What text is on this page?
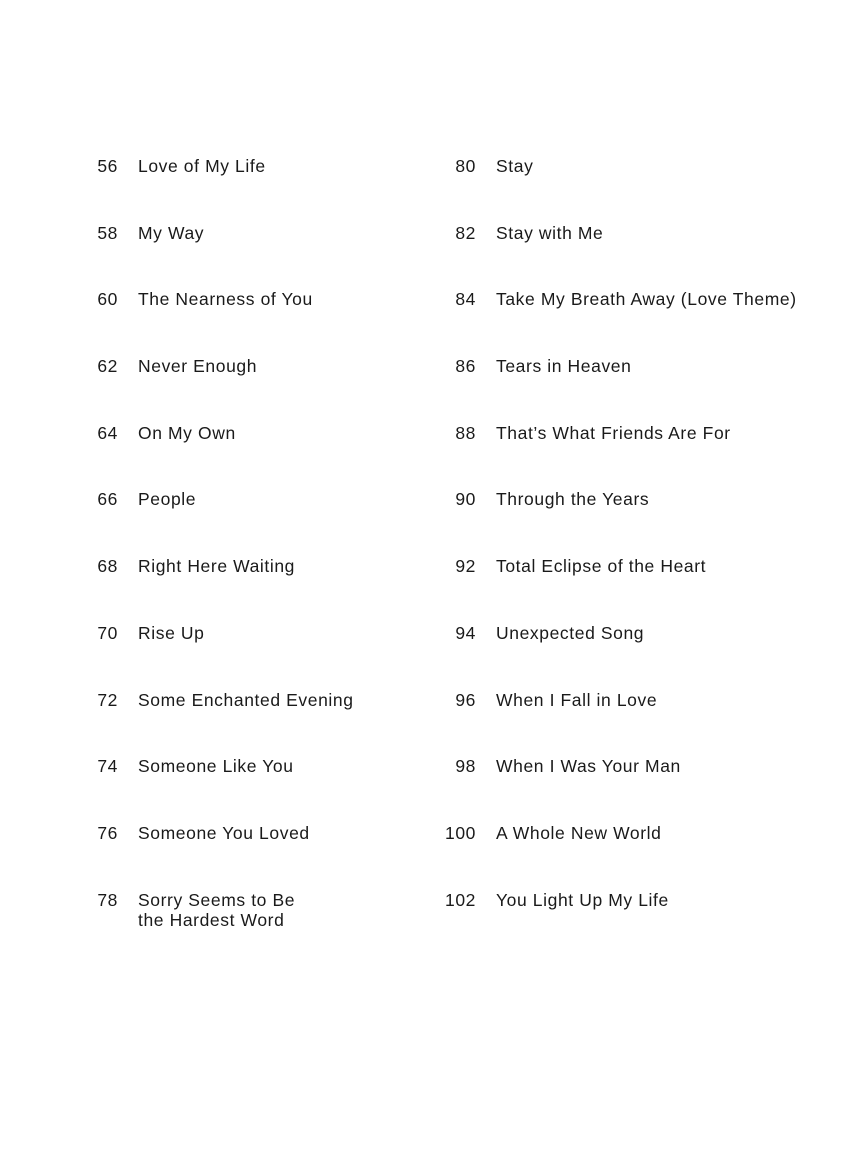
56 Love of My Life
58 My Way
60 The Nearness of You
62 Never Enough
64 On My Own
66 People
68 Right Here Waiting
70 Rise Up
72 Some Enchanted Evening
74 Someone Like You
76 Someone You Loved
78 Sorry Seems to Be
the Hardest Word
80 Stay
82 Stay with Me
84 Take My Breath Away (Love Theme)
86 Tears in Heaven
88 That’s What Friends Are For
90 Through the Years
92 Total Eclipse of the Heart
94 Unexpected Song
96 When I Fall in Love
98 When I Was Your Man
100 A Whole New World
102 You Light Up My Life
